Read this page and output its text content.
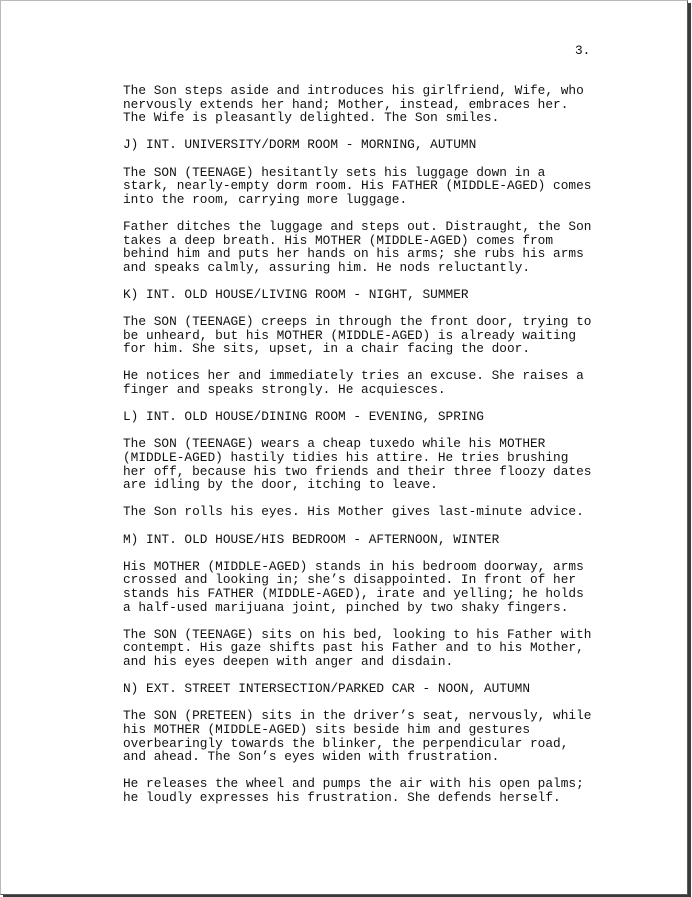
3.
The Son steps aside and introduces his girlfriend, Wife, who
nervously extends her hand; Mother, instead, embraces her.
The Wife is pleasantly delighted. The Son smiles.
J) INT. UNIVERSITY/DORM ROOM - MORNING, AUTUMN
The SON (TEENAGE) hesitantly sets his luggage down in a
stark, nearly-empty dorm room. His FATHER (MIDDLE-AGED) comes
into the room, carrying more luggage.
Father ditches the luggage and steps out. Distraught, the Son
takes a deep breath. His MOTHER (MIDDLE-AGED) comes from
behind him and puts her hands on his arms; she rubs his arms
and speaks calmly, assuring him. He nods reluctantly.
K) INT. OLD HOUSE/LIVING ROOM - NIGHT, SUMMER
The SON (TEENAGE) creeps in through the front door, trying to
be unheard, but his MOTHER (MIDDLE-AGED) is already waiting
for him. She sits, upset, in a chair facing the door.
He notices her and immediately tries an excuse. She raises a
finger and speaks strongly. He acquiesces.
L) INT. OLD HOUSE/DINING ROOM - EVENING, SPRING
The SON (TEENAGE) wears a cheap tuxedo while his MOTHER
(MIDDLE-AGED) hastily tidies his attire. He tries brushing
her off, because his two friends and their three floozy dates
are idling by the door, itching to leave.
The Son rolls his eyes. His Mother gives last-minute advice.
M) INT. OLD HOUSE/HIS BEDROOM - AFTERNOON, WINTER
His MOTHER (MIDDLE-AGED) stands in his bedroom doorway, arms
crossed and looking in; she’s disappointed. In front of her
stands his FATHER (MIDDLE-AGED), irate and yelling; he holds
a half-used marijuana joint, pinched by two shaky fingers.
The SON (TEENAGE) sits on his bed, looking to his Father with
contempt. His gaze shifts past his Father and to his Mother,
and his eyes deepen with anger and disdain.
N) EXT. STREET INTERSECTION/PARKED CAR - NOON, AUTUMN
The SON (PRETEEN) sits in the driver’s seat, nervously, while
his MOTHER (MIDDLE-AGED) sits beside him and gestures
overbearingly towards the blinker, the perpendicular road,
and ahead. The Son’s eyes widen with frustration.
He releases the wheel and pumps the air with his open palms;
he loudly expresses his frustration. She defends herself.
